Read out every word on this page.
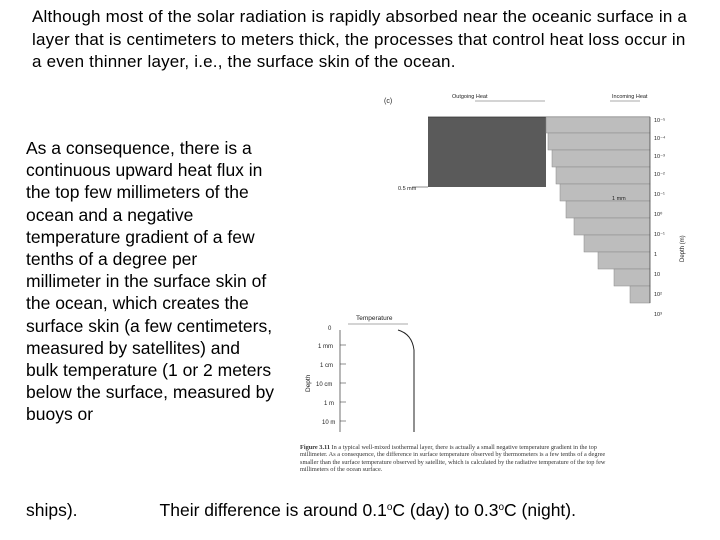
Although most of the solar radiation is rapidly absorbed near the oceanic surface in a layer that is centimeters to meters thick, the processes that control heat loss occur in a even thinner layer, i.e., the surface skin of the ocean.

As a consequence, there is a continuous upward heat flux in the top few millimeters of the ocean and a negative temperature gradient of a few tenths of a degree per millimeter in the surface skin of the ocean, which creates the surface skin (a few centimeters, measured by satellites) and bulk temperature (1 or 2 meters below the surface, measured by buoys or

ships).	Their difference is around 0.1$^o$C (day) to 0.3$^o$C (night).
(c)
Outgoing Heat	Incoming Heat
0.5 mm
1 mm
10⁻⁵
10⁻⁴
10⁻³
10⁻²
10⁻¹
10⁰
10⁻¹
1
10
10²
10³
Depth (m)
Temperature
0
1 mm
1 cm
10 cm
1 m
10 m
Depth
Figure 3.11 In a typical well-mixed isothermal layer, there is actually a small negative temperature gradient in the top millimeter. As a consequence, the difference in surface temperature observed by thermometers is a few tenths of a degree smaller than the surface temperature observed by satellite, which is calculated by the radiative temperature of the top few millimeters of the ocean surface.
